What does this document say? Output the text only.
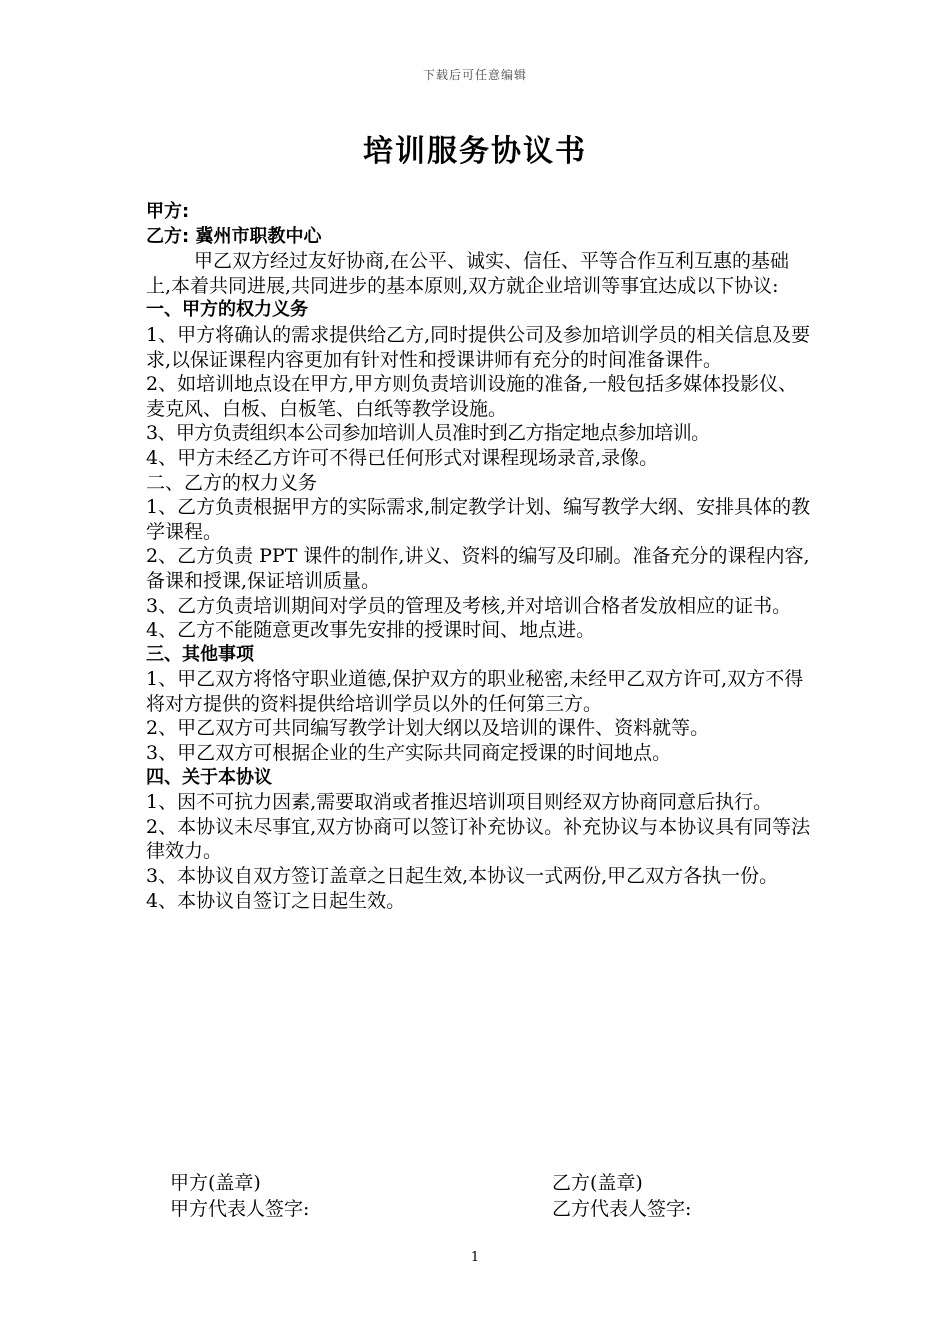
下载后可任意编辑
培训服务协议书

甲方:

乙方: 冀州市职教中心

甲乙双方经过友好协商,在公平、诚实、信任、平等合作互利互惠的基础上,本着共同进展,共同进步的基本原则,双方就企业培训等事宜达成以下协议:

一、甲方的权力义务

1、甲方将确认的需求提供给乙方,同时提供公司及参加培训学员的相关信息及要求,以保证课程内容更加有针对性和授课讲师有充分的时间准备课件。

2、如培训地点设在甲方,甲方则负责培训设施的准备,一般包括多媒体投影仪、麦克风、白板、白板笔、白纸等教学设施。

3、甲方负责组织本公司参加培训人员准时到乙方指定地点参加培训。

4、甲方未经乙方许可不得已任何形式对课程现场录音,录像。

二、乙方的权力义务

1、乙方负责根据甲方的实际需求,制定教学计划、编写教学大纲、安排具体的教学课程。

2、乙方负责 PPT 课件的制作,讲义、资料的编写及印刷。准备充分的课程内容,备课和授课,保证培训质量。

3、乙方负责培训期间对学员的管理及考核,并对培训合格者发放相应的证书。

4、乙方不能随意更改事先安排的授课时间、地点进。

三、其他事项

1、甲乙双方将恪守职业道德,保护双方的职业秘密,未经甲乙双方许可,双方不得将对方提供的资料提供给培训学员以外的任何第三方。

2、甲乙双方可共同编写教学计划大纲以及培训的课件、资料就等。

3、甲乙双方可根据企业的生产实际共同商定授课的时间地点。

四、关于本协议

1、因不可抗力因素,需要取消或者推迟培训项目则经双方协商同意后执行。

2、本协议未尽事宜,双方协商可以签订补充协议。补充协议与本协议具有同等法律效力。

3、本协议自双方签订盖章之日起生效,本协议一式两份,甲乙双方各执一份。

4、本协议自签订之日起生效。

甲方(盖章)
甲方代表人签字:
乙方(盖章)
乙方代表人签字:
1
